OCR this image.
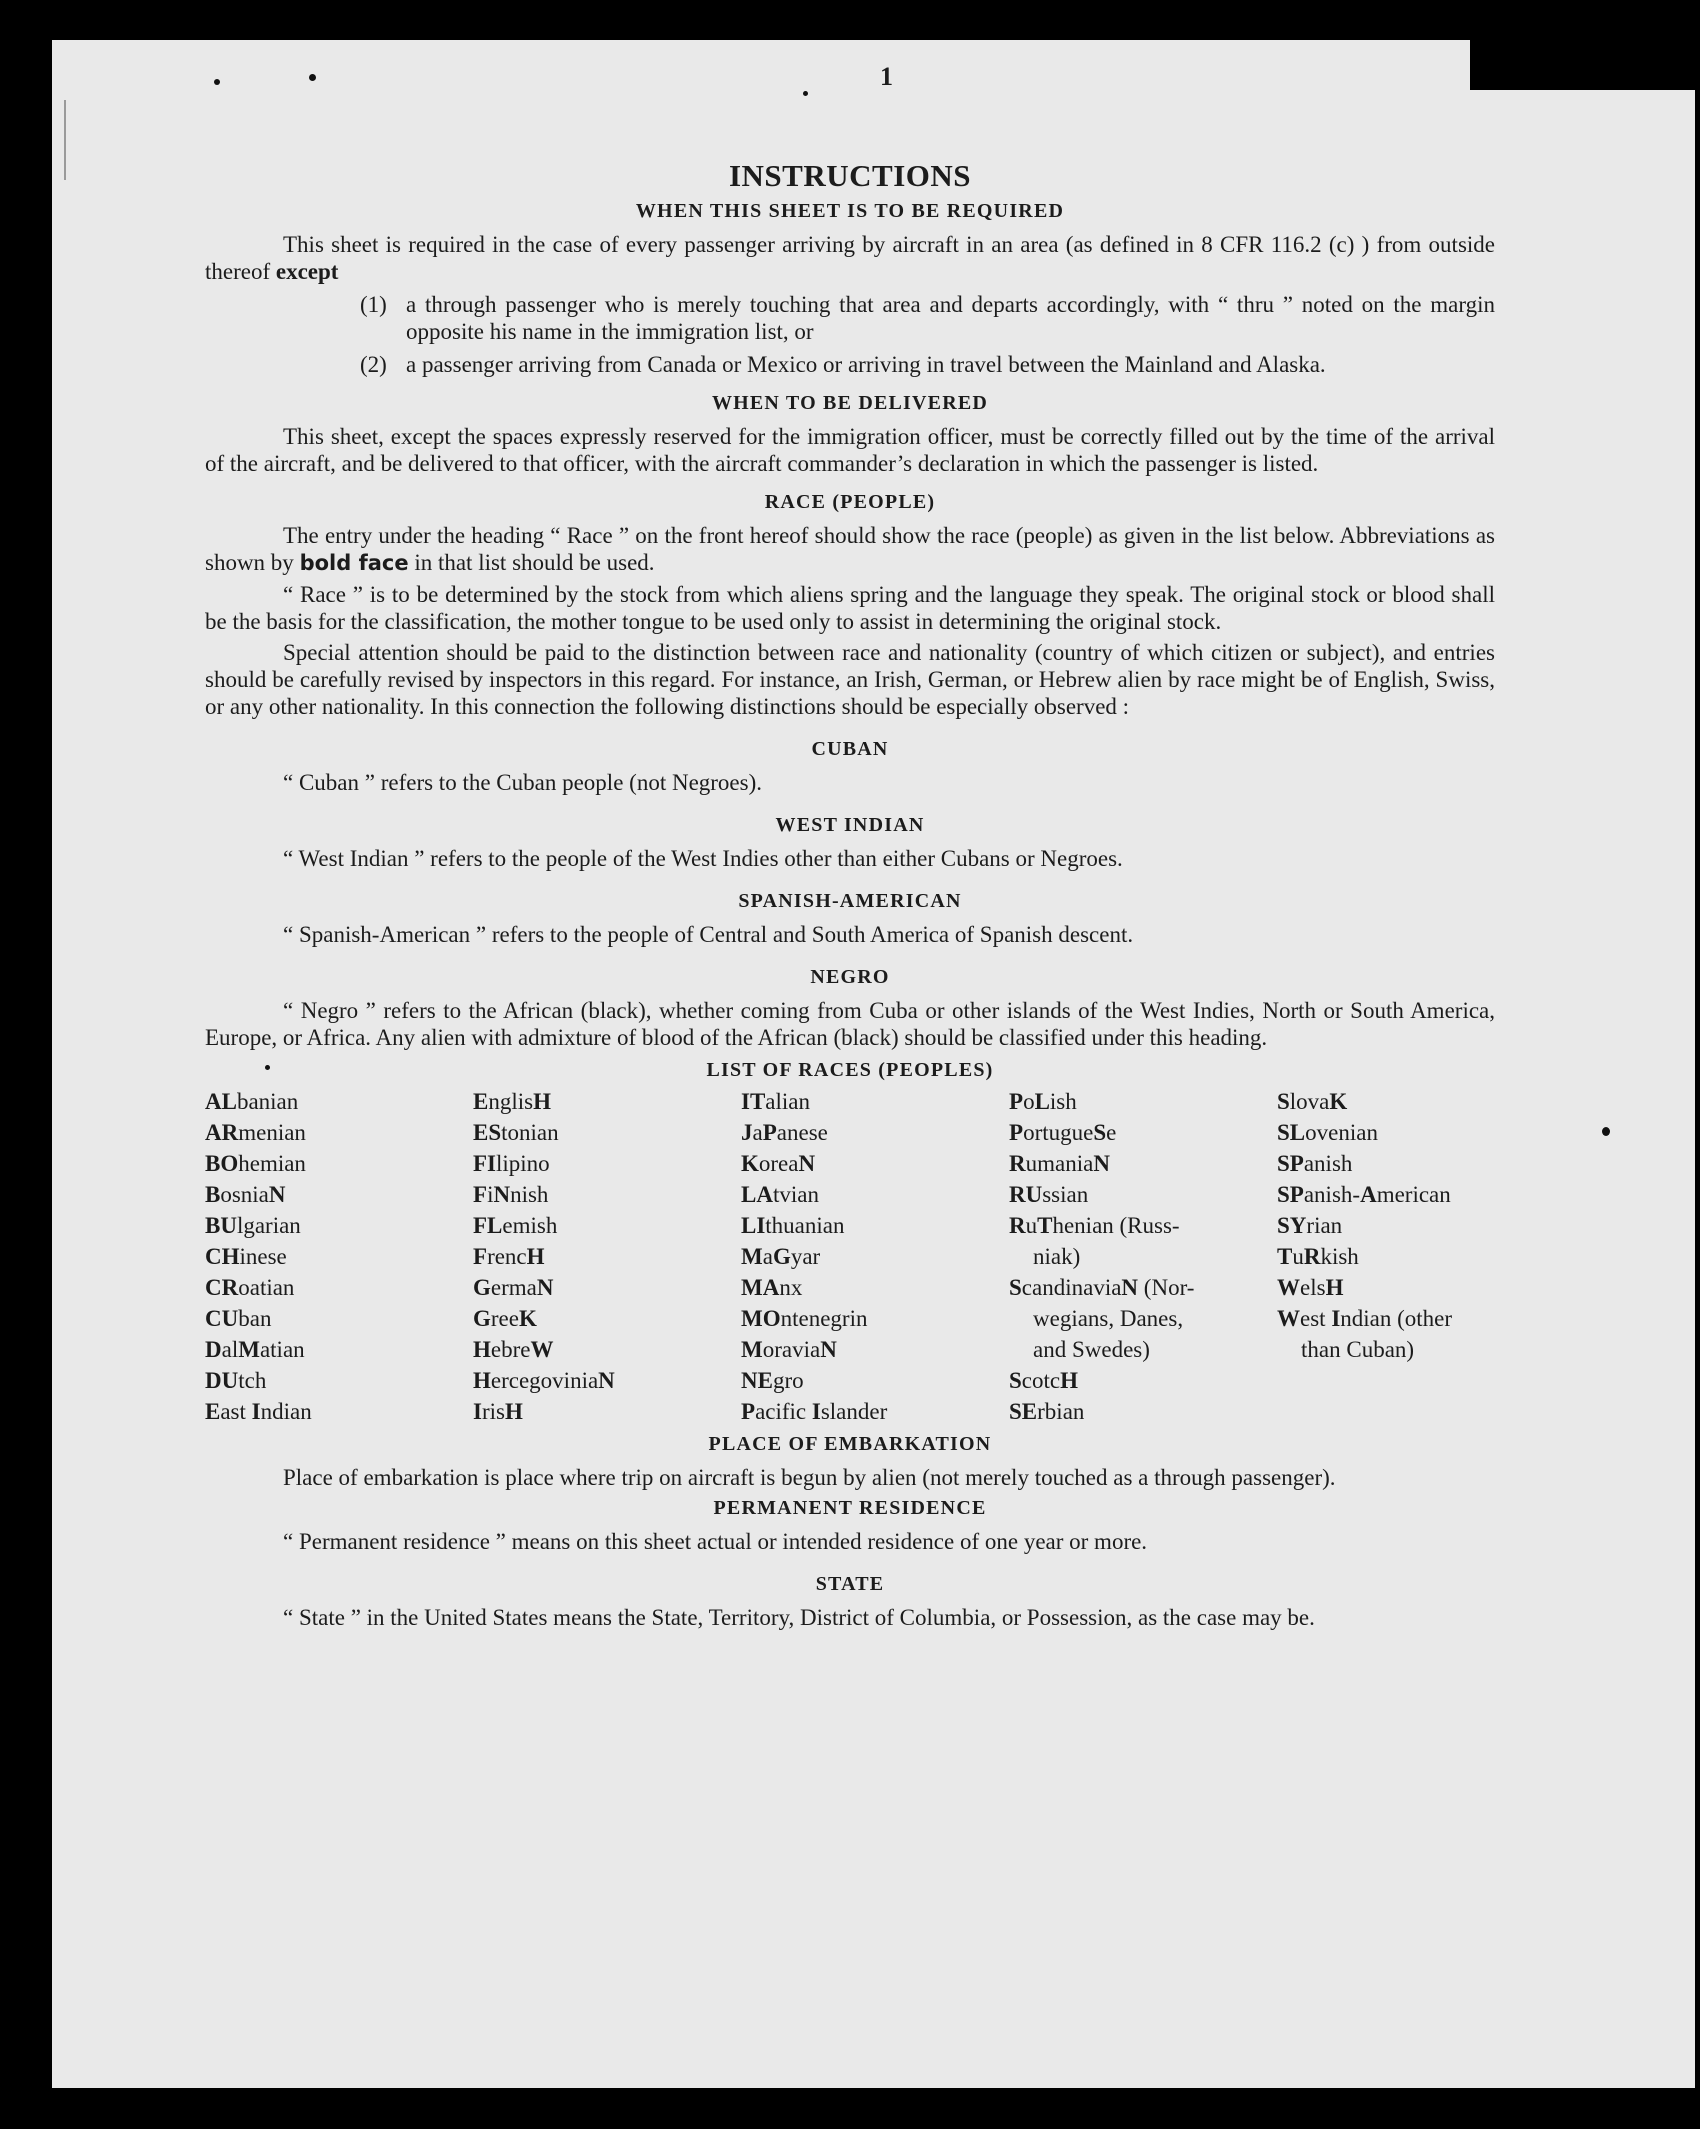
1
INSTRUCTIONS
WHEN THIS SHEET IS TO BE REQUIRED

This sheet is required in the case of every passenger arriving by aircraft in an area (as defined in 8 CFR 116.2 (c) ) from outside thereof except

(1) a through passenger who is merely touching that area and departs accordingly, with “ thru ” noted on the margin opposite his name in the immigration list, or
(2) a passenger arriving from Canada or Mexico or arriving in travel between the Mainland and Alaska.
WHEN TO BE DELIVERED

This sheet, except the spaces expressly reserved for the immigration officer, must be correctly filled out by the time of the arrival of the aircraft, and be delivered to that officer, with the aircraft commander’s declaration in which the passenger is listed.

RACE (PEOPLE)

The entry under the heading “ Race ” on the front hereof should show the race (people) as given in the list below. Abbreviations as shown by bold face in that list should be used.

“ Race ” is to be determined by the stock from which aliens spring and the language they speak. The original stock or blood shall be the basis for the classification, the mother tongue to be used only to assist in determining the original stock.

Special attention should be paid to the distinction between race and nationality (country of which citizen or subject), and entries should be carefully revised by inspectors in this regard. For instance, an Irish, German, or Hebrew alien by race might be of English, Swiss, or any other nationality. In this connection the following distinctions should be especially observed :

CUBAN

“ Cuban ” refers to the Cuban people (not Negroes).

WEST INDIAN

“ West Indian ” refers to the people of the West Indies other than either Cubans or Negroes.

SPANISH-AMERICAN

“ Spanish-American ” refers to the people of Central and South America of Spanish descent.

NEGRO

“ Negro ” refers to the African (black), whether coming from Cuba or other islands of the West Indies, North or South America, Europe, or Africa. Any alien with admixture of blood of the African (black) should be classified under this heading.

LIST OF RACES (PEOPLES)
ALbanian
ARmenian
BOhemian
BosniaN
BUlgarian
CHinese
CRoatian
CUban
DalMatian
DUtch
East Indian
EnglisH
EStonian
FIlipino
FiNnish
FLemish
FrencH
GermaN
GreeK
HebreW
HercegoviniaN
IrisH
ITalian
JaPanese
KoreaN
LAtvian
LIthuanian
MaGyar
MAnx
MOntenegrin
MoraviaN
NEgro
Pacific Islander
PoLish
PortugueSe
RumaniaN
RUssian
RuThenian (Russ-
niak)
ScandinaviaN (Nor-
wegians, Danes,
and Swedes)
ScotcH
SErbian
SlovaK
SLovenian
SPanish
SPanish-American
SYrian
TuRkish
WelsH
West Indian (other
than Cuban)
PLACE OF EMBARKATION

Place of embarkation is place where trip on aircraft is begun by alien (not merely touched as a through passenger).

PERMANENT RESIDENCE

“ Permanent residence ” means on this sheet actual or intended residence of one year or more.

STATE

“ State ” in the United States means the State, Territory, District of Columbia, or Possession, as the case may be.
